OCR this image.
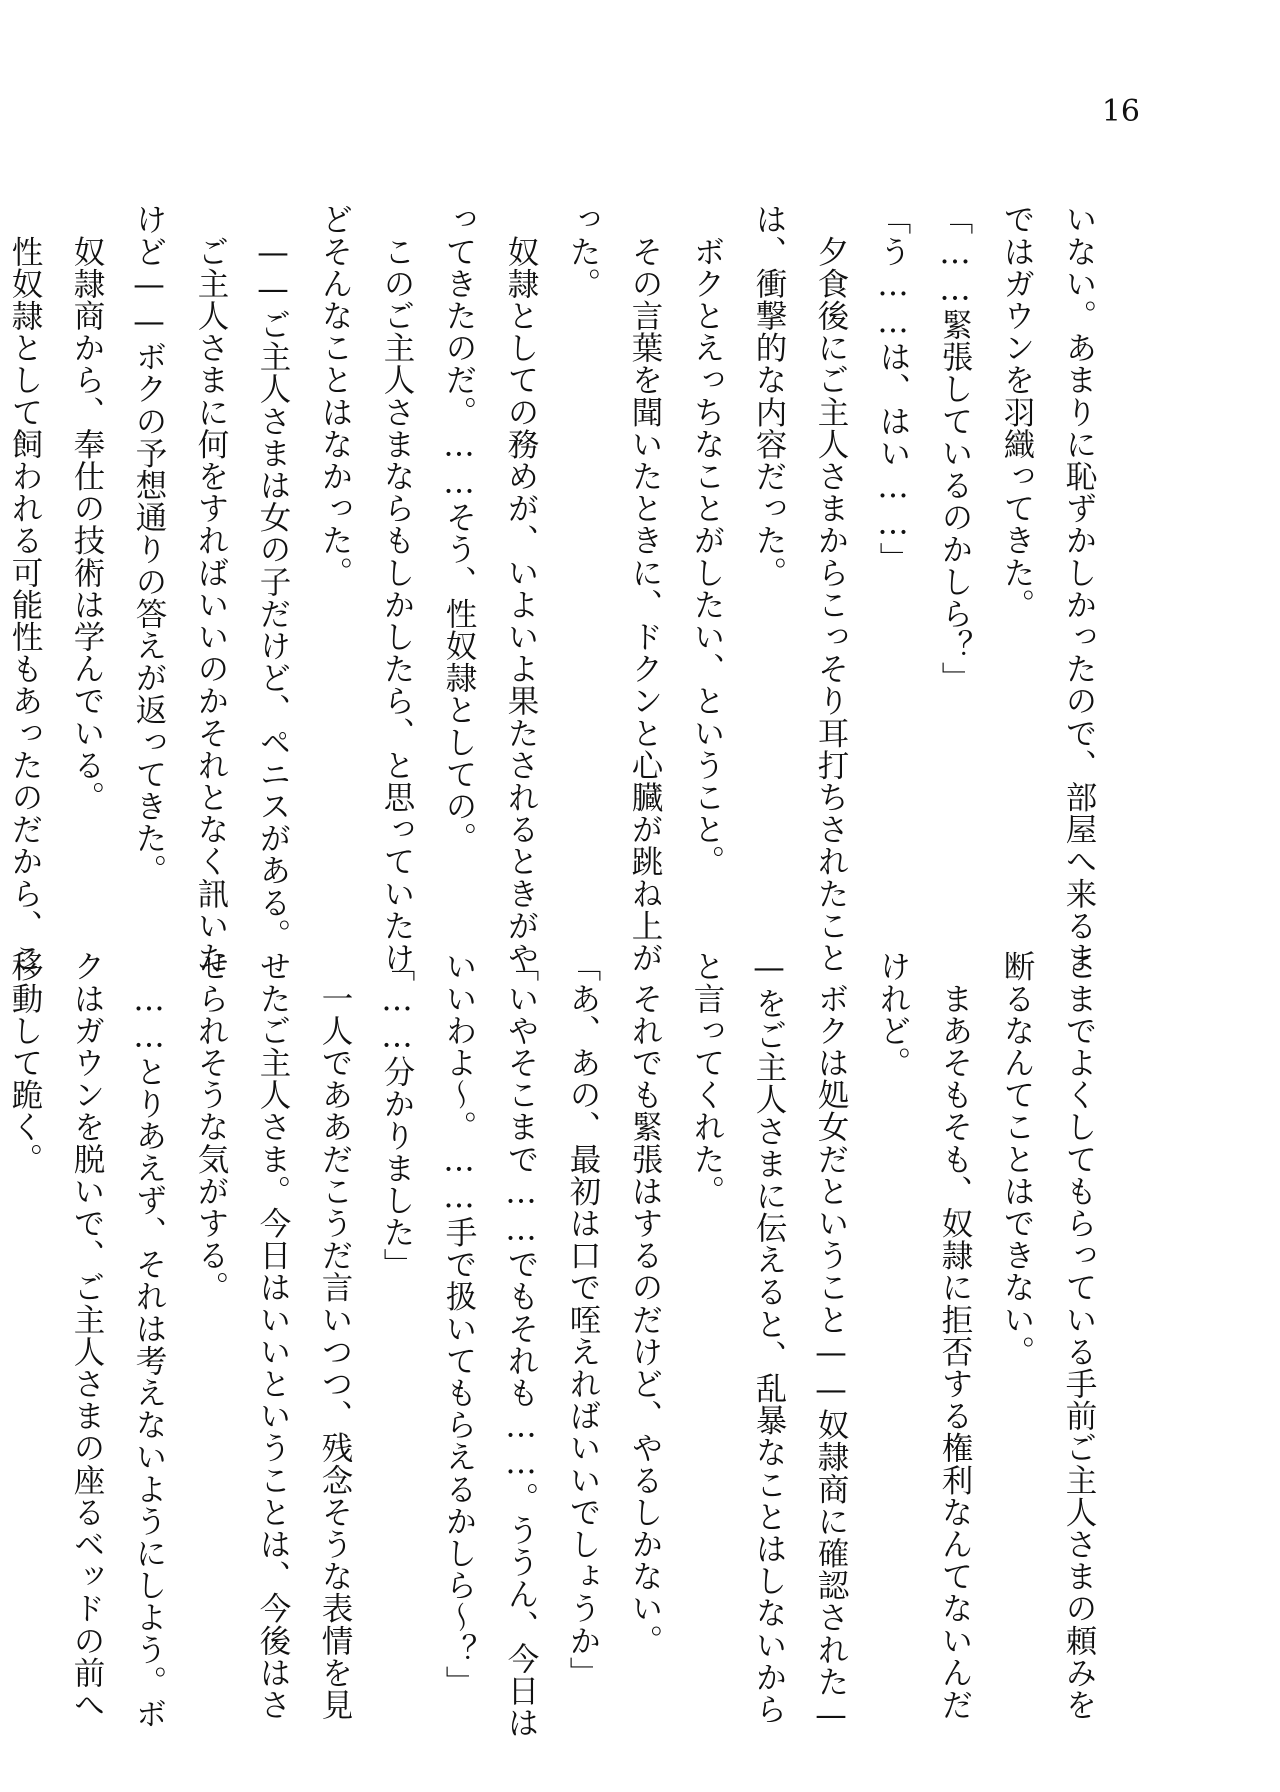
16
いない。あまりに恥ずかしかったので、部屋へ来るま
ではガウンを羽織ってきた。
「……緊張しているのかしら？」
「う……は、はい……」
　夕食後にご主人さまからこっそり耳打ちされたこと
は、衝撃的な内容だった。
　ボクとえっちなことがしたい、ということ。
　その言葉を聞いたときに、ドクンと心臓が跳ね上が
った。
　奴隷としての務めが、いよいよ果たされるときがや
ってきたのだ。……そう、性奴隷としての。
　このご主人さまならもしかしたら、と思っていたけ
どそんなことはなかった。
　——ご主人さまは女の子だけど、ペニスがある。
　ご主人さまに何をすればいいのかそれとなく訊いた
けど——ボクの予想通りの答えが返ってきた。
　奴隷商から、奉仕の技術は学んでいる。
　性奴隷として飼われる可能性もあったのだから、こ
こまでよくしてもらっている手前ご主人さまの頼みを
断るなんてことはできない。
　まあそもそも、奴隷に拒否する権利なんてないんだ
けれど。
　ボクは処女だということ——奴隷商に確認された—
—をご主人さまに伝えると、乱暴なことはしないから
と言ってくれた。
　それでも緊張はするのだけど、やるしかない。
「あ、あの、最初は口で咥えればいいでしょうか」
「いやそこまで……でもそれも……。ううん、今日は
いいわよ〜。……手で扱いてもらえるかしら〜？」
「……分かりました」
　一人でああだこうだ言いつつ、残念そうな表情を見
せたご主人さま。今日はいいということは、今後はさ
せられそうな気がする。
　……とりあえず、それは考えないようにしよう。ボ
クはガウンを脱いで、ご主人さまの座るベッドの前へ
移動して跪く。
